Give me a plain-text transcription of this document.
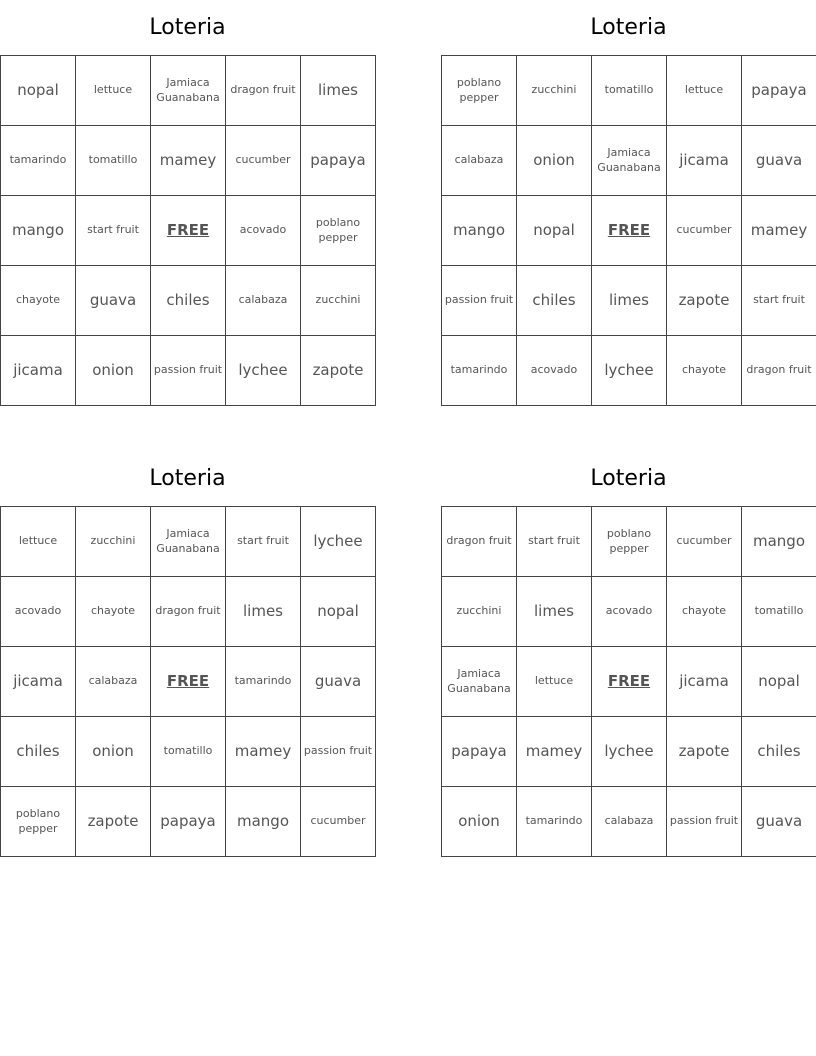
Loteria
nopal	lettuce	Jamiaca Guanabana	dragon fruit	limes
tamarindo	tomatillo	mamey	cucumber	papaya
mango	start fruit	FREE	acovado	poblano pepper
chayote	guava	chiles	calabaza	zucchini
jicama	onion	passion fruit	lychee	zapote
Loteria
poblano pepper	zucchini	tomatillo	lettuce	papaya
calabaza	onion	Jamiaca Guanabana	jicama	guava
mango	nopal	FREE	cucumber	mamey
passion fruit	chiles	limes	zapote	start fruit
tamarindo	acovado	lychee	chayote	dragon fruit
Loteria
lettuce	zucchini	Jamiaca Guanabana	start fruit	lychee
acovado	chayote	dragon fruit	limes	nopal
jicama	calabaza	FREE	tamarindo	guava
chiles	onion	tomatillo	mamey	passion fruit
poblano pepper	zapote	papaya	mango	cucumber
Loteria
dragon fruit	start fruit	poblano pepper	cucumber	mango
zucchini	limes	acovado	chayote	tomatillo
Jamiaca Guanabana	lettuce	FREE	jicama	nopal
papaya	mamey	lychee	zapote	chiles
onion	tamarindo	calabaza	passion fruit	guava
